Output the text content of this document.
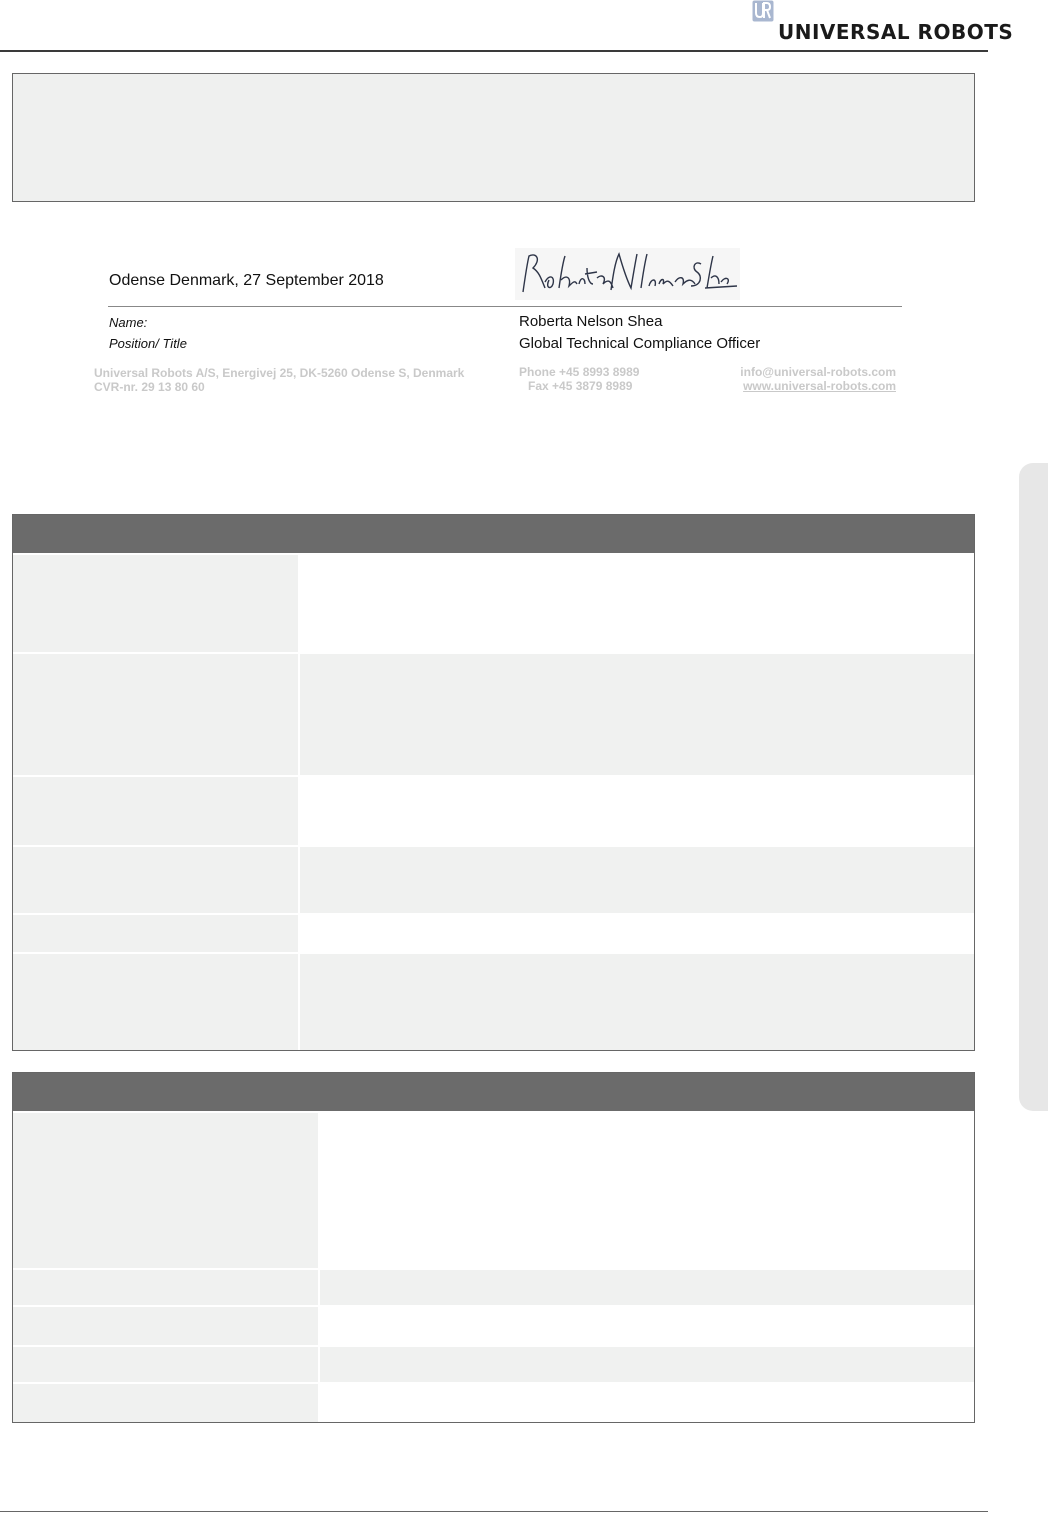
UNIVERSAL ROBOTS
Odense Denmark, 27 September 2018
Name:	Roberta Nelson Shea
Position/ Title	Global Technical Compliance Officer
Universal Robots A/S, Energivej 25, DK-5260 Odense S, Denmark
CVR-nr. 29 13 80 60
Phone +45 8993 8989
Fax +45 3879 8989
info@universal-robots.com
www.universal-robots.com
